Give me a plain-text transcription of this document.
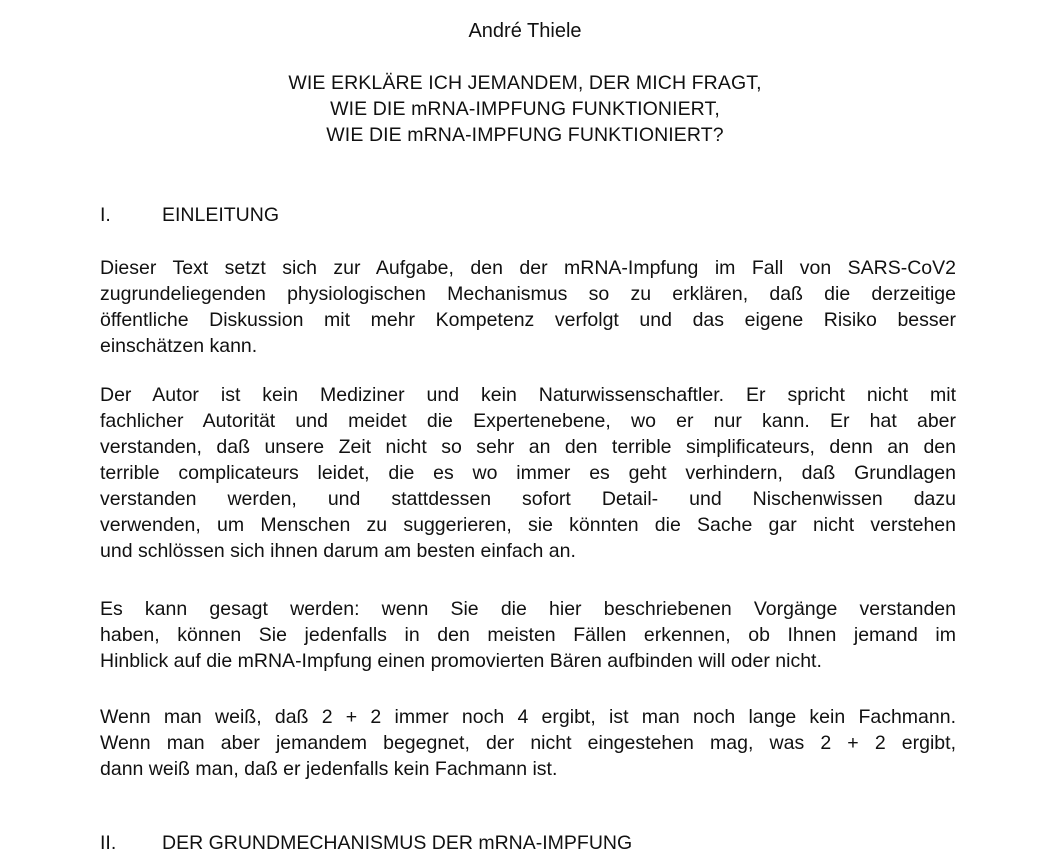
André Thiele
WIE ERKLÄRE ICH JEMANDEM, DER MICH FRAGT,
WIE DIE mRNA-IMPFUNG FUNKTIONIERT,
WIE DIE mRNA-IMPFUNG FUNKTIONIERT?
I.	EINLEITUNG
Dieser Text setzt sich zur Aufgabe, den der mRNA-Impfung im Fall von SARS-CoV2
zugrundeliegenden physiologischen Mechanismus so zu erklären, daß die derzeitige
öffentliche Diskussion mit mehr Kompetenz verfolgt und das eigene Risiko besser
einschätzen kann.
Der Autor ist kein Mediziner und kein Naturwissenschaftler. Er spricht nicht mit
fachlicher Autorität und meidet die Expertenebene, wo er nur kann. Er hat aber
verstanden, daß unsere Zeit nicht so sehr an den terrible simplificateurs, denn an den
terrible complicateurs leidet, die es wo immer es geht verhindern, daß Grundlagen
verstanden werden, und stattdessen sofort Detail- und Nischenwissen dazu
verwenden, um Menschen zu suggerieren, sie könnten die Sache gar nicht verstehen
und schlössen sich ihnen darum am besten einfach an.
Es kann gesagt werden: wenn Sie die hier beschriebenen Vorgänge verstanden
haben, können Sie jedenfalls in den meisten Fällen erkennen, ob Ihnen jemand im
Hinblick auf die mRNA-Impfung einen promovierten Bären aufbinden will oder nicht.
Wenn man weiß, daß 2 + 2 immer noch 4 ergibt, ist man noch lange kein Fachmann.
Wenn man aber jemandem begegnet, der nicht eingestehen mag, was 2 + 2 ergibt,
dann weiß man, daß er jedenfalls kein Fachmann ist.
II. DER GRUNDMECHANISMUS DER mRNA-IMPFUNG
